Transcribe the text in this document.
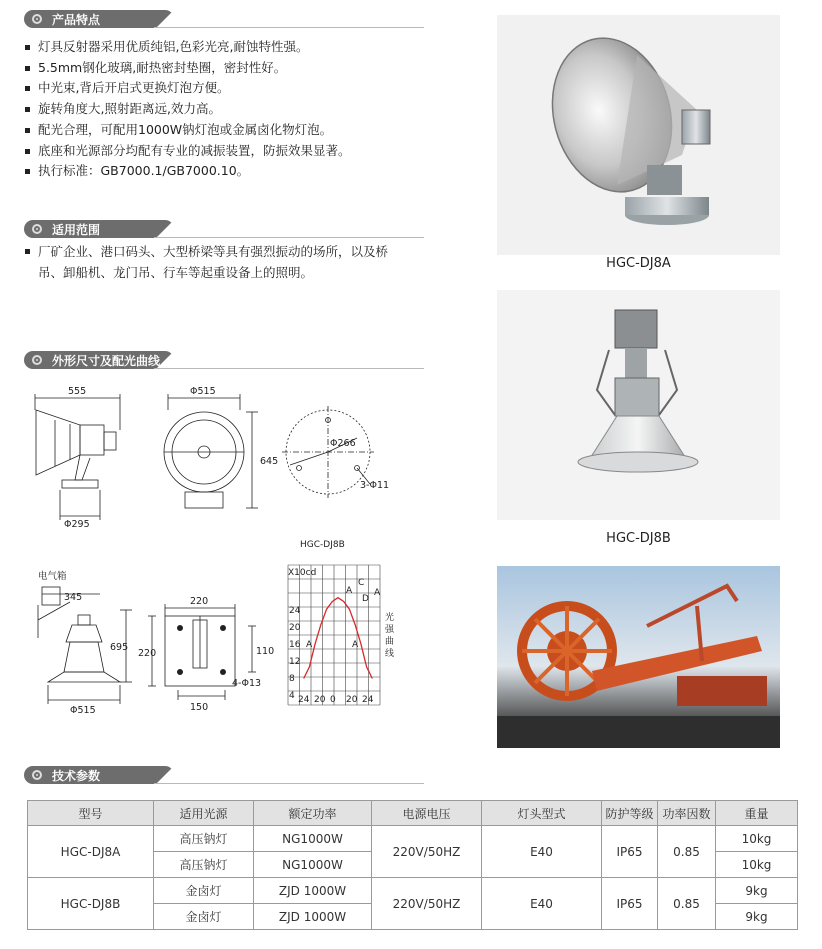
产品特点
灯具反射器采用优质纯铝,色彩光亮,耐蚀特性强。
5.5mm钢化玻璃,耐热密封垫圈，密封性好。
中光束,背后开启式更换灯泡方便。
旋转角度大,照射距离远,效力高。
配光合理，可配用1000W钠灯泡或金属卤化物灯泡。
底座和光源部分均配有专业的减振装置，防振效果显著。
执行标准：GB7000.1/GB7000.10。
适用范围
厂矿企业、港口码头、大型桥梁等具有强烈振动的场所，以及桥吊、卸船机、龙门吊、行车等起重设备上的照明。
外形尺寸及配光曲线
555
Φ295
Φ515
645
Φ266
3-Φ11
电气箱
345
695
Φ515
220
220	110
150
4-Φ13
HGC-DJ8B
X10cd
24
20
16
12
8
4 24 20 0 20 24
A	A
A
C
D
A
光
强
曲
线
HGC-DJ8A
HGC-DJ8B
技术参数
型号	适用光源	额定功率	电源电压	灯头型式	防护等级	功率因数	重量
HGC-DJ8A	高压钠灯	NG1000W	220V/50HZ	E40	IP65	0.85	10kg
	高压钠灯	NG1000W					10kg
HGC-DJ8B	金卤灯	ZJD 1000W	220V/50HZ	E40	IP65	0.85	9kg
	金卤灯	ZJD 1000W					9kg
